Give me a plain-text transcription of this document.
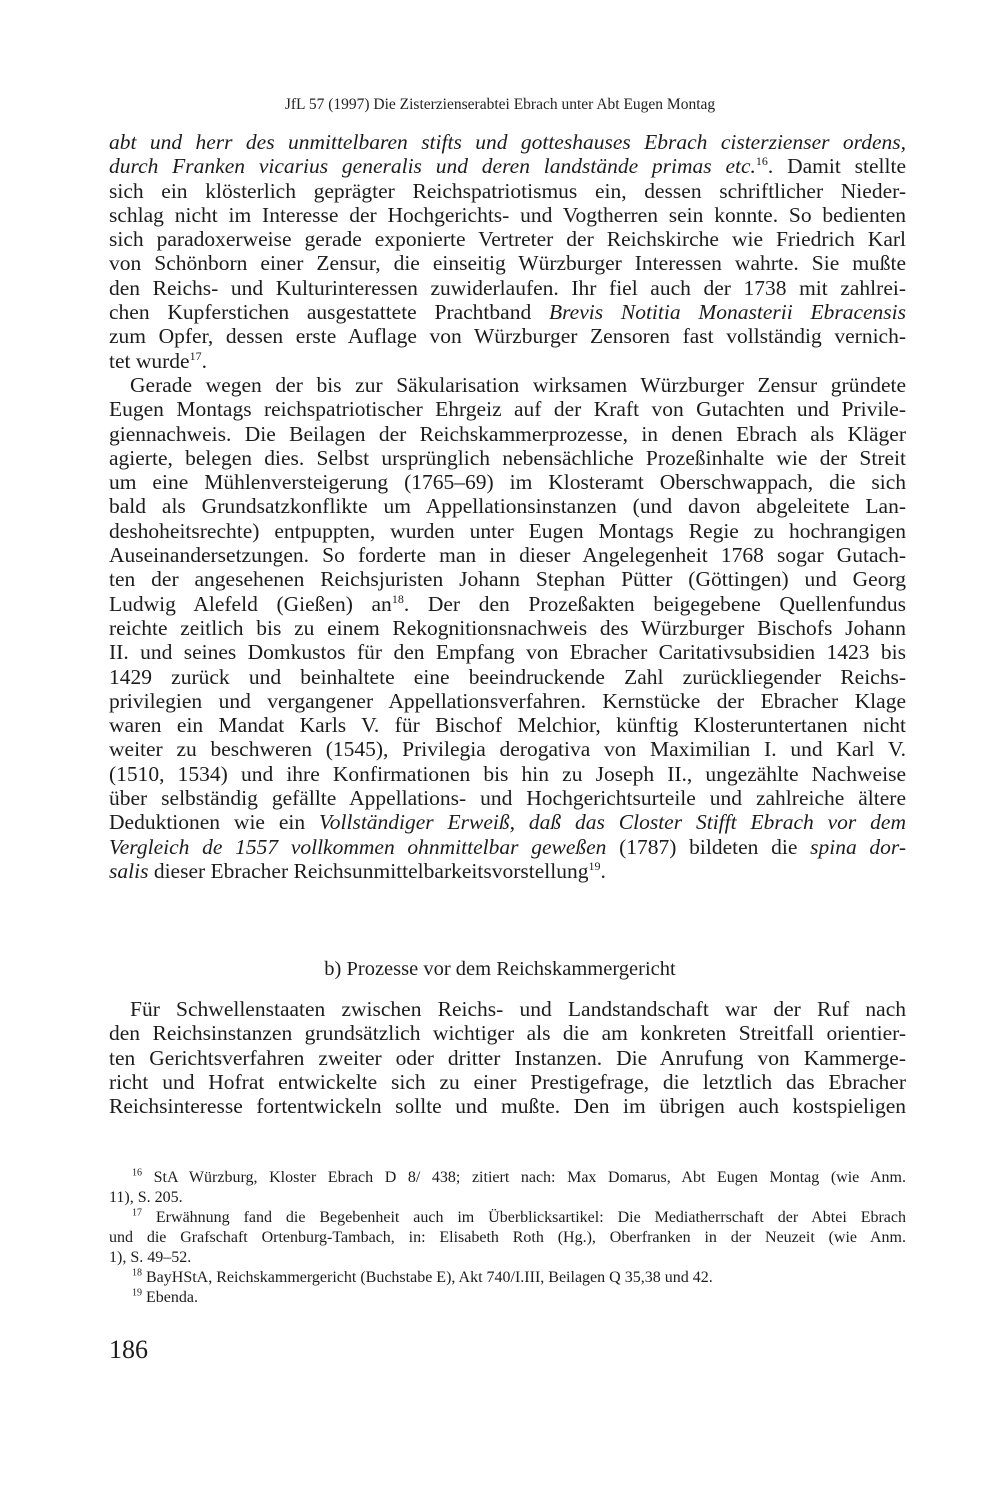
JfL 57 (1997) Die Zisterzienserabtei Ebrach unter Abt Eugen Montag
abt und herr des unmittelbaren stifts und gotteshauses Ebrach cisterzienser ordens,
durch Franken vicarius generalis und deren landstände primas etc.$^{16}$. Damit stellte
sich ein klösterlich geprägter Reichspatriotismus ein, dessen schriftlicher Nieder-
schlag nicht im Interesse der Hochgerichts- und Vogtherren sein konnte. So bedienten
sich paradoxerweise gerade exponierte Vertreter der Reichskirche wie Friedrich Karl
von Schönborn einer Zensur, die einseitig Würzburger Interessen wahrte. Sie mußte
den Reichs- und Kulturinteressen zuwiderlaufen. Ihr fiel auch der 1738 mit zahlrei-
chen Kupferstichen ausgestattete Prachtband Brevis Notitia Monasterii Ebracensis
zum Opfer, dessen erste Auflage von Würzburger Zensoren fast vollständig vernich-
tet wurde$^{17}$.
Gerade wegen der bis zur Säkularisation wirksamen Würzburger Zensur gründete
Eugen Montags reichspatriotischer Ehrgeiz auf der Kraft von Gutachten und Privile-
giennachweis. Die Beilagen der Reichskammerprozesse, in denen Ebrach als Kläger
agierte, belegen dies. Selbst ursprünglich nebensächliche Prozeßinhalte wie der Streit
um eine Mühlenversteigerung (1765–69) im Klosteramt Oberschwappach, die sich
bald als Grundsatzkonflikte um Appellationsinstanzen (und davon abgeleitete Lan-
deshoheitsrechte) entpuppten, wurden unter Eugen Montags Regie zu hochrangigen
Auseinandersetzungen. So forderte man in dieser Angelegenheit 1768 sogar Gutach-
ten der angesehenen Reichsjuristen Johann Stephan Pütter (Göttingen) und Georg
Ludwig Alefeld (Gießen) $an^{18}$. Der den Prozeßakten beigegebene Quellenfundus
reichte zeitlich bis zu einem Rekognitionsnachweis des Würzburger Bischofs Johann
II. und seines Domkustos für den Empfang von Ebracher Caritativsubsidien 1423 bis
1429 zurück und beinhaltete eine beeindruckende Zahl zurückliegender Reichs-
privilegien und vergangener Appellationsverfahren. Kernstücke der Ebracher Klage
waren ein Mandat Karls V. für Bischof Melchior, künftig Klosteruntertanen nicht
weiter zu beschweren (1545), Privilegia derogativa von Maximilian I. und Karl V.
(1510, 1534) und ihre Konfirmationen bis hin zu Joseph II., ungezählte Nachweise
über selbständig gefällte Appellations- und Hochgerichtsurteile und zahlreiche ältere
Deduktionen wie ein Vollständiger Erweiß, daß das Closter Stifft Ebrach vor dem
Vergleich de 1557 vollkommen ohnmittelbar geweßen (1787) bildeten die spina dor-
salis dieser Ebracher Reichsunmittelbarkeitsvorstellung$^{19}$.
b) Prozesse vor dem Reichskammergericht
Für Schwellenstaaten zwischen Reichs- und Landstandschaft war der Ruf nach
den Reichsinstanzen grundsätzlich wichtiger als die am konkreten Streitfall orientier-
ten Gerichtsverfahren zweiter oder dritter Instanzen. Die Anrufung von Kammerge-
richt und Hofrat entwickelte sich zu einer Prestigefrage, die letztlich das Ebracher
Reichsinteresse fortentwickeln sollte und mußte. Den im übrigen auch kostspieligen
$^{16}$ StA Würzburg, Kloster Ebrach D 8/ 438; zitiert nach: Max Domarus, Abt Eugen Montag (wie Anm.
11), S. 205.
$^{17}$ Erwähnung fand die Begebenheit auch im Überblicksartikel: Die Mediatherrschaft der Abtei Ebrach
und die Grafschaft Ortenburg-Tambach, in: Elisabeth Roth (Hg.), Oberfranken in der Neuzeit (wie Anm.
1), S. 49–52.
$^{18}$ BayHStA, Reichskammergericht (Buchstabe E), Akt 740/I.III, Beilagen Q 35,38 und 42.
$^{19}$ Ebenda.
186
